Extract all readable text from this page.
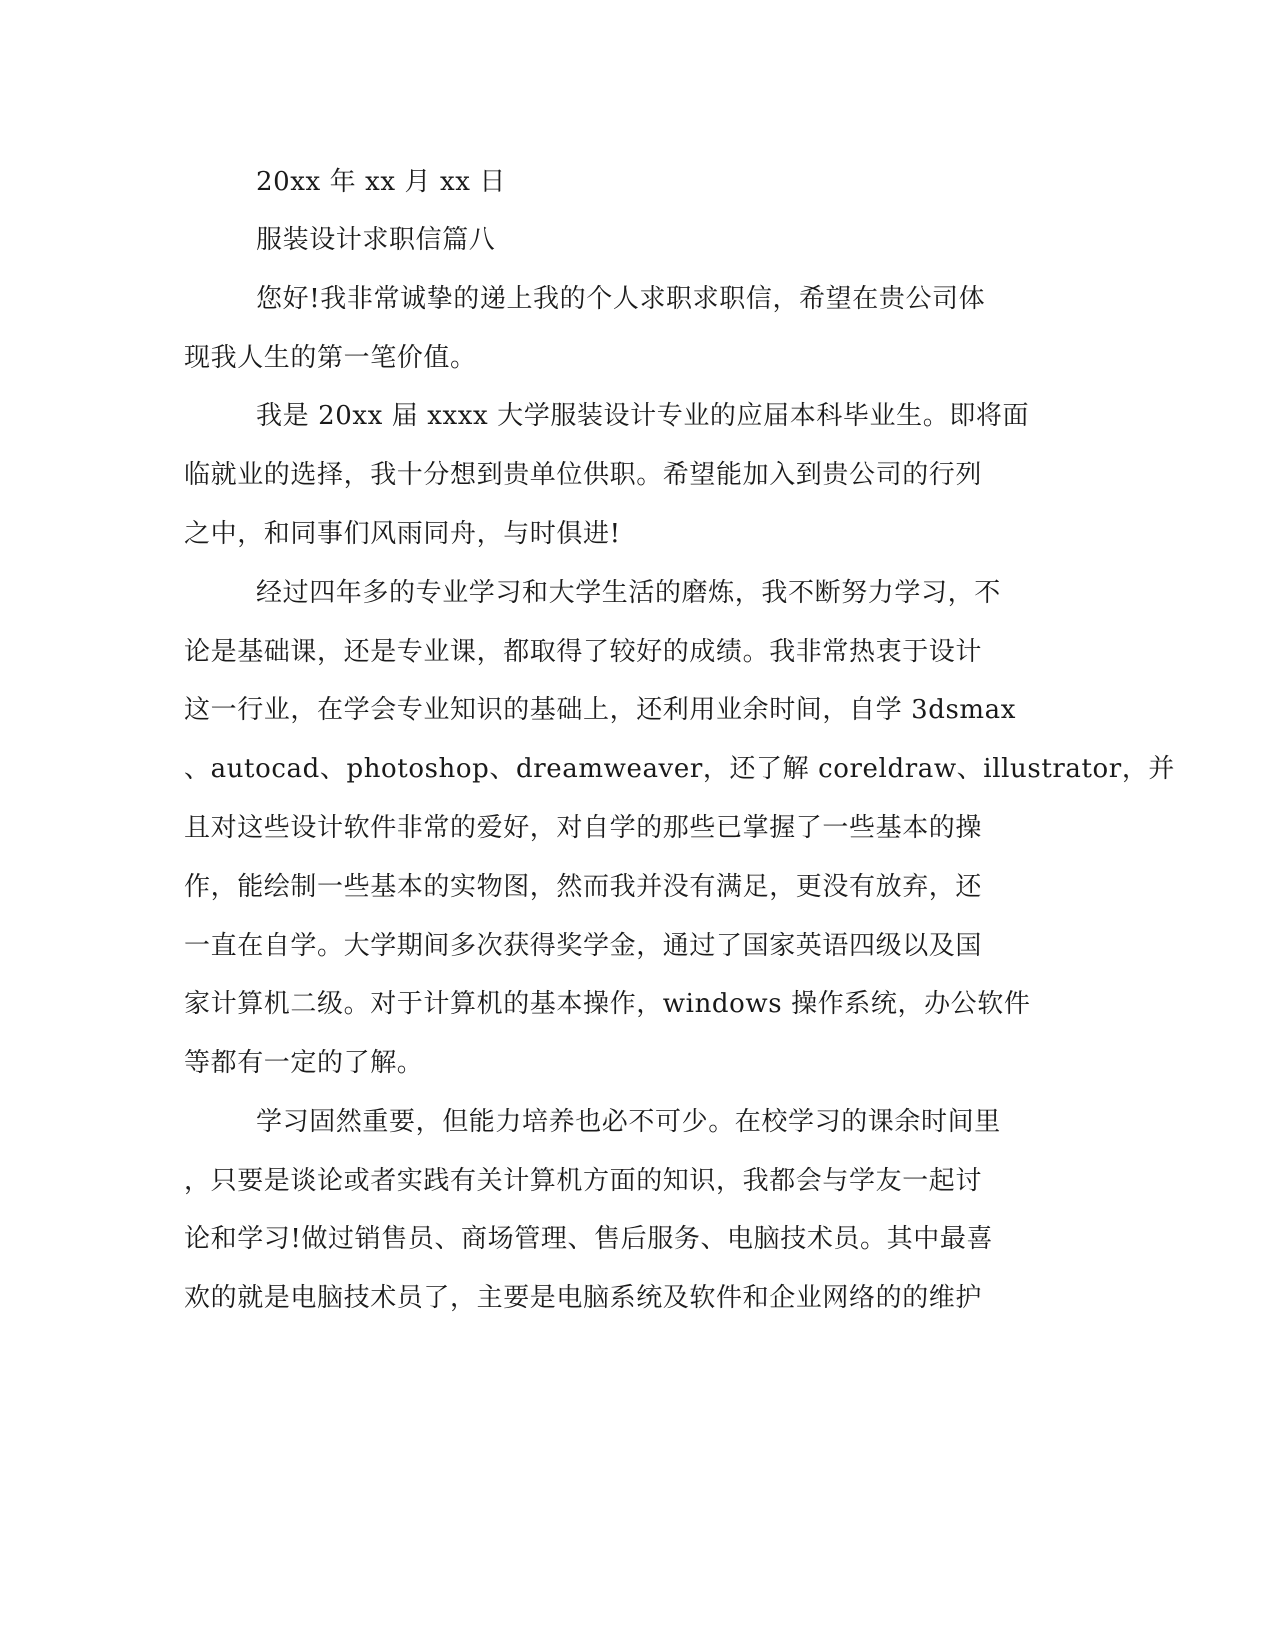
20xx 年 xx 月 xx 日
服装设计求职信篇八
您好!我非常诚挚的递上我的个人求职求职信，希望在贵公司体
现我人生的第一笔价值。
我是 20xx 届 xxxx 大学服装设计专业的应届本科毕业生。即将面
临就业的选择，我十分想到贵单位供职。希望能加入到贵公司的行列
之中，和同事们风雨同舟，与时俱进!
经过四年多的专业学习和大学生活的磨炼，我不断努力学习，不
论是基础课，还是专业课，都取得了较好的成绩。我非常热衷于设计
这一行业，在学会专业知识的基础上，还利用业余时间，自学 3dsmax
、autocad、photoshop、dreamweaver，还了解 coreldraw、illustrator，并
且对这些设计软件非常的爱好，对自学的那些已掌握了一些基本的操
作，能绘制一些基本的实物图，然而我并没有满足，更没有放弃，还
一直在自学。大学期间多次获得奖学金，通过了国家英语四级以及国
家计算机二级。对于计算机的基本操作，windows 操作系统，办公软件
等都有一定的了解。
学习固然重要，但能力培养也必不可少。在校学习的课余时间里
，只要是谈论或者实践有关计算机方面的知识，我都会与学友一起讨
论和学习!做过销售员、商场管理、售后服务、电脑技术员。其中最喜
欢的就是电脑技术员了，主要是电脑系统及软件和企业网络的的维护
